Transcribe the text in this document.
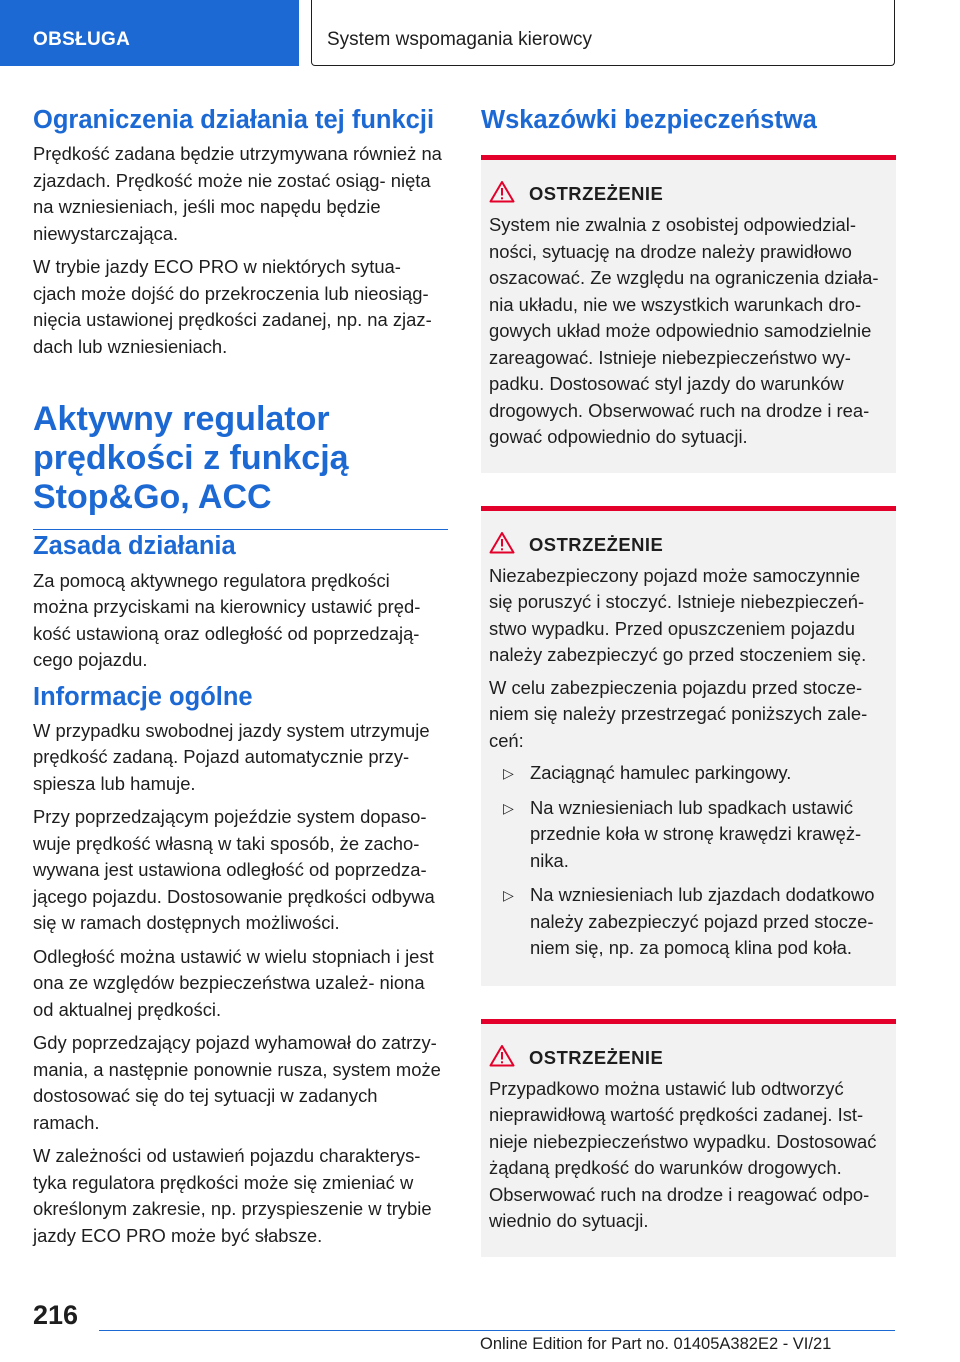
OBSŁUGA	System wspomagania kierowcy
Ograniczenia działania tej funkcji

Prędkość zadana będzie utrzymywana również na zjazdach. Prędkość może nie zostać osiąg- nięta na wzniesieniach, jeśli moc napędu będzie niewystarczająca.

W trybie jazdy ECO PRO w niektórych sytua- cjach może dojść do przekroczenia lub nieosiąg- nięcia ustawionej prędkości zadanej, np. na zjaz- dach lub wzniesieniach.

Aktywny regulator prędkości z funkcją Stop&Go, ACC
Zasada działania

Za pomocą aktywnego regulatora prędkości można przyciskami na kierownicy ustawić pręd- kość ustawioną oraz odległość od poprzedzają- cego pojazdu.

Informacje ogólne

W przypadku swobodnej jazdy system utrzymuje prędkość zadaną. Pojazd automatycznie przy- spiesza lub hamuje.

Przy poprzedzającym pojeździe system dopaso- wuje prędkość własną w taki sposób, że zacho- wywana jest ustawiona odległość od poprzedza- jącego pojazdu. Dostosowanie prędkości odbywa się w ramach dostępnych możliwości.

Odległość można ustawić w wielu stopniach i jest ona ze względów bezpieczeństwa uzależ- niona od aktualnej prędkości.

Gdy poprzedzający pojazd wyhamował do zatrzy- mania, a następnie ponownie rusza, system może dostosować się do tej sytuacji w zadanych ramach.

W zależności od ustawień pojazdu charakterys- tyka regulatora prędkości może się zmieniać w określonym zakresie, np. przyspieszenie w trybie jazdy ECO PRO może być słabsze.

Wskazówki bezpieczeństwa
OSTRZEŻENIE

System nie zwalnia z osobistej odpowiedzial- ności, sytuację na drodze należy prawidłowo oszacować. Ze względu na ograniczenia działa- nia układu, nie we wszystkich warunkach dro- gowych układ może odpowiednio samodzielnie zareagować. Istnieje niebezpieczeństwo wy- padku. Dostosować styl jazdy do warunków drogowych. Obserwować ruch na drodze i rea- gować odpowiednio do sytuacji.

OSTRZEŻENIE

Niezabezpieczony pojazd może samoczynnie się poruszyć i stoczyć. Istnieje niebezpieczeń- stwo wypadku. Przed opuszczeniem pojazdu należy zabezpieczyć go przed stoczeniem się.

W celu zabezpieczenia pojazdu przed stocze- niem się należy przestrzegać poniższych zale- ceń:

▷ Zaciągnąć hamulec parkingowy.
▷ Na wzniesieniach lub spadkach ustawić przednie koła w stronę krawędzi krawęż- nika.
▷ Na wzniesieniach lub zjazdach dodatkowo należy zabezpieczyć pojazd przed stocze- niem się, np. za pomocą klina pod koła.
OSTRZEŻENIE

Przypadkowo można ustawić lub odtworzyć nieprawidłową wartość prędkości zadanej. Ist- nieje niebezpieczeństwo wypadku. Dostosować żądaną prędkość do warunków drogowych. Obserwować ruch na drodze i reagować odpo- wiednio do sytuacji.

216
Online Edition for Part no. 01405A382E2 - VI/21
